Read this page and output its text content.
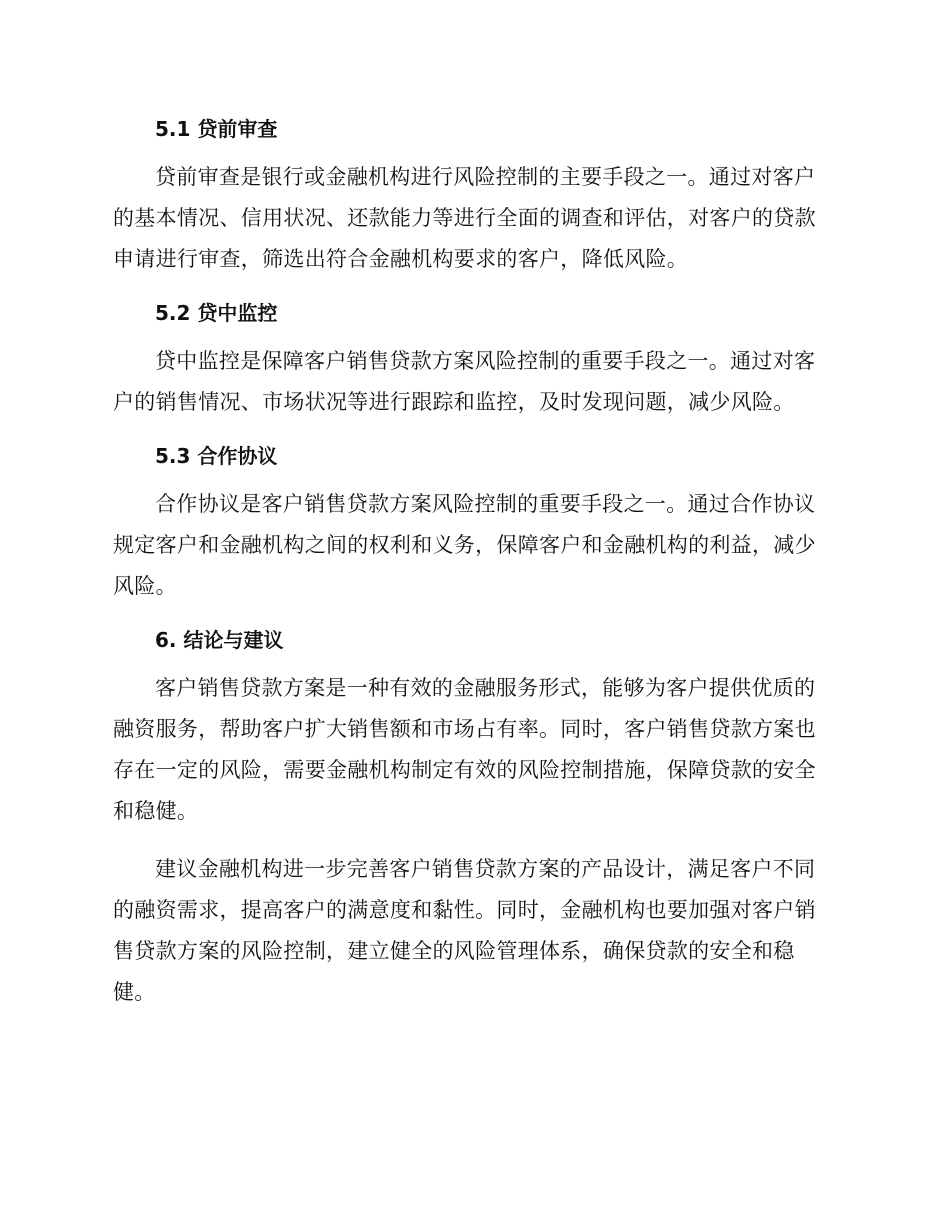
5.1 贷前审查
贷前审查是银行或金融机构进行风险控制的主要手段之一。通过对客户
的基本情况、信用状况、还款能力等进行全面的调查和评估，对客户的贷款
申请进行审查，筛选出符合金融机构要求的客户，降低风险。
5.2 贷中监控
贷中监控是保障客户销售贷款方案风险控制的重要手段之一。通过对客
户的销售情况、市场状况等进行跟踪和监控，及时发现问题，减少风险。
5.3 合作协议
合作协议是客户销售贷款方案风险控制的重要手段之一。通过合作协议
规定客户和金融机构之间的权利和义务，保障客户和金融机构的利益，减少
风险。
6. 结论与建议
客户销售贷款方案是一种有效的金融服务形式，能够为客户提供优质的
融资服务，帮助客户扩大销售额和市场占有率。同时，客户销售贷款方案也
存在一定的风险，需要金融机构制定有效的风险控制措施，保障贷款的安全
和稳健。
建议金融机构进一步完善客户销售贷款方案的产品设计，满足客户不同
的融资需求，提高客户的满意度和黏性。同时，金融机构也要加强对客户销
售贷款方案的风险控制，建立健全的风险管理体系，确保贷款的安全和稳
健。
